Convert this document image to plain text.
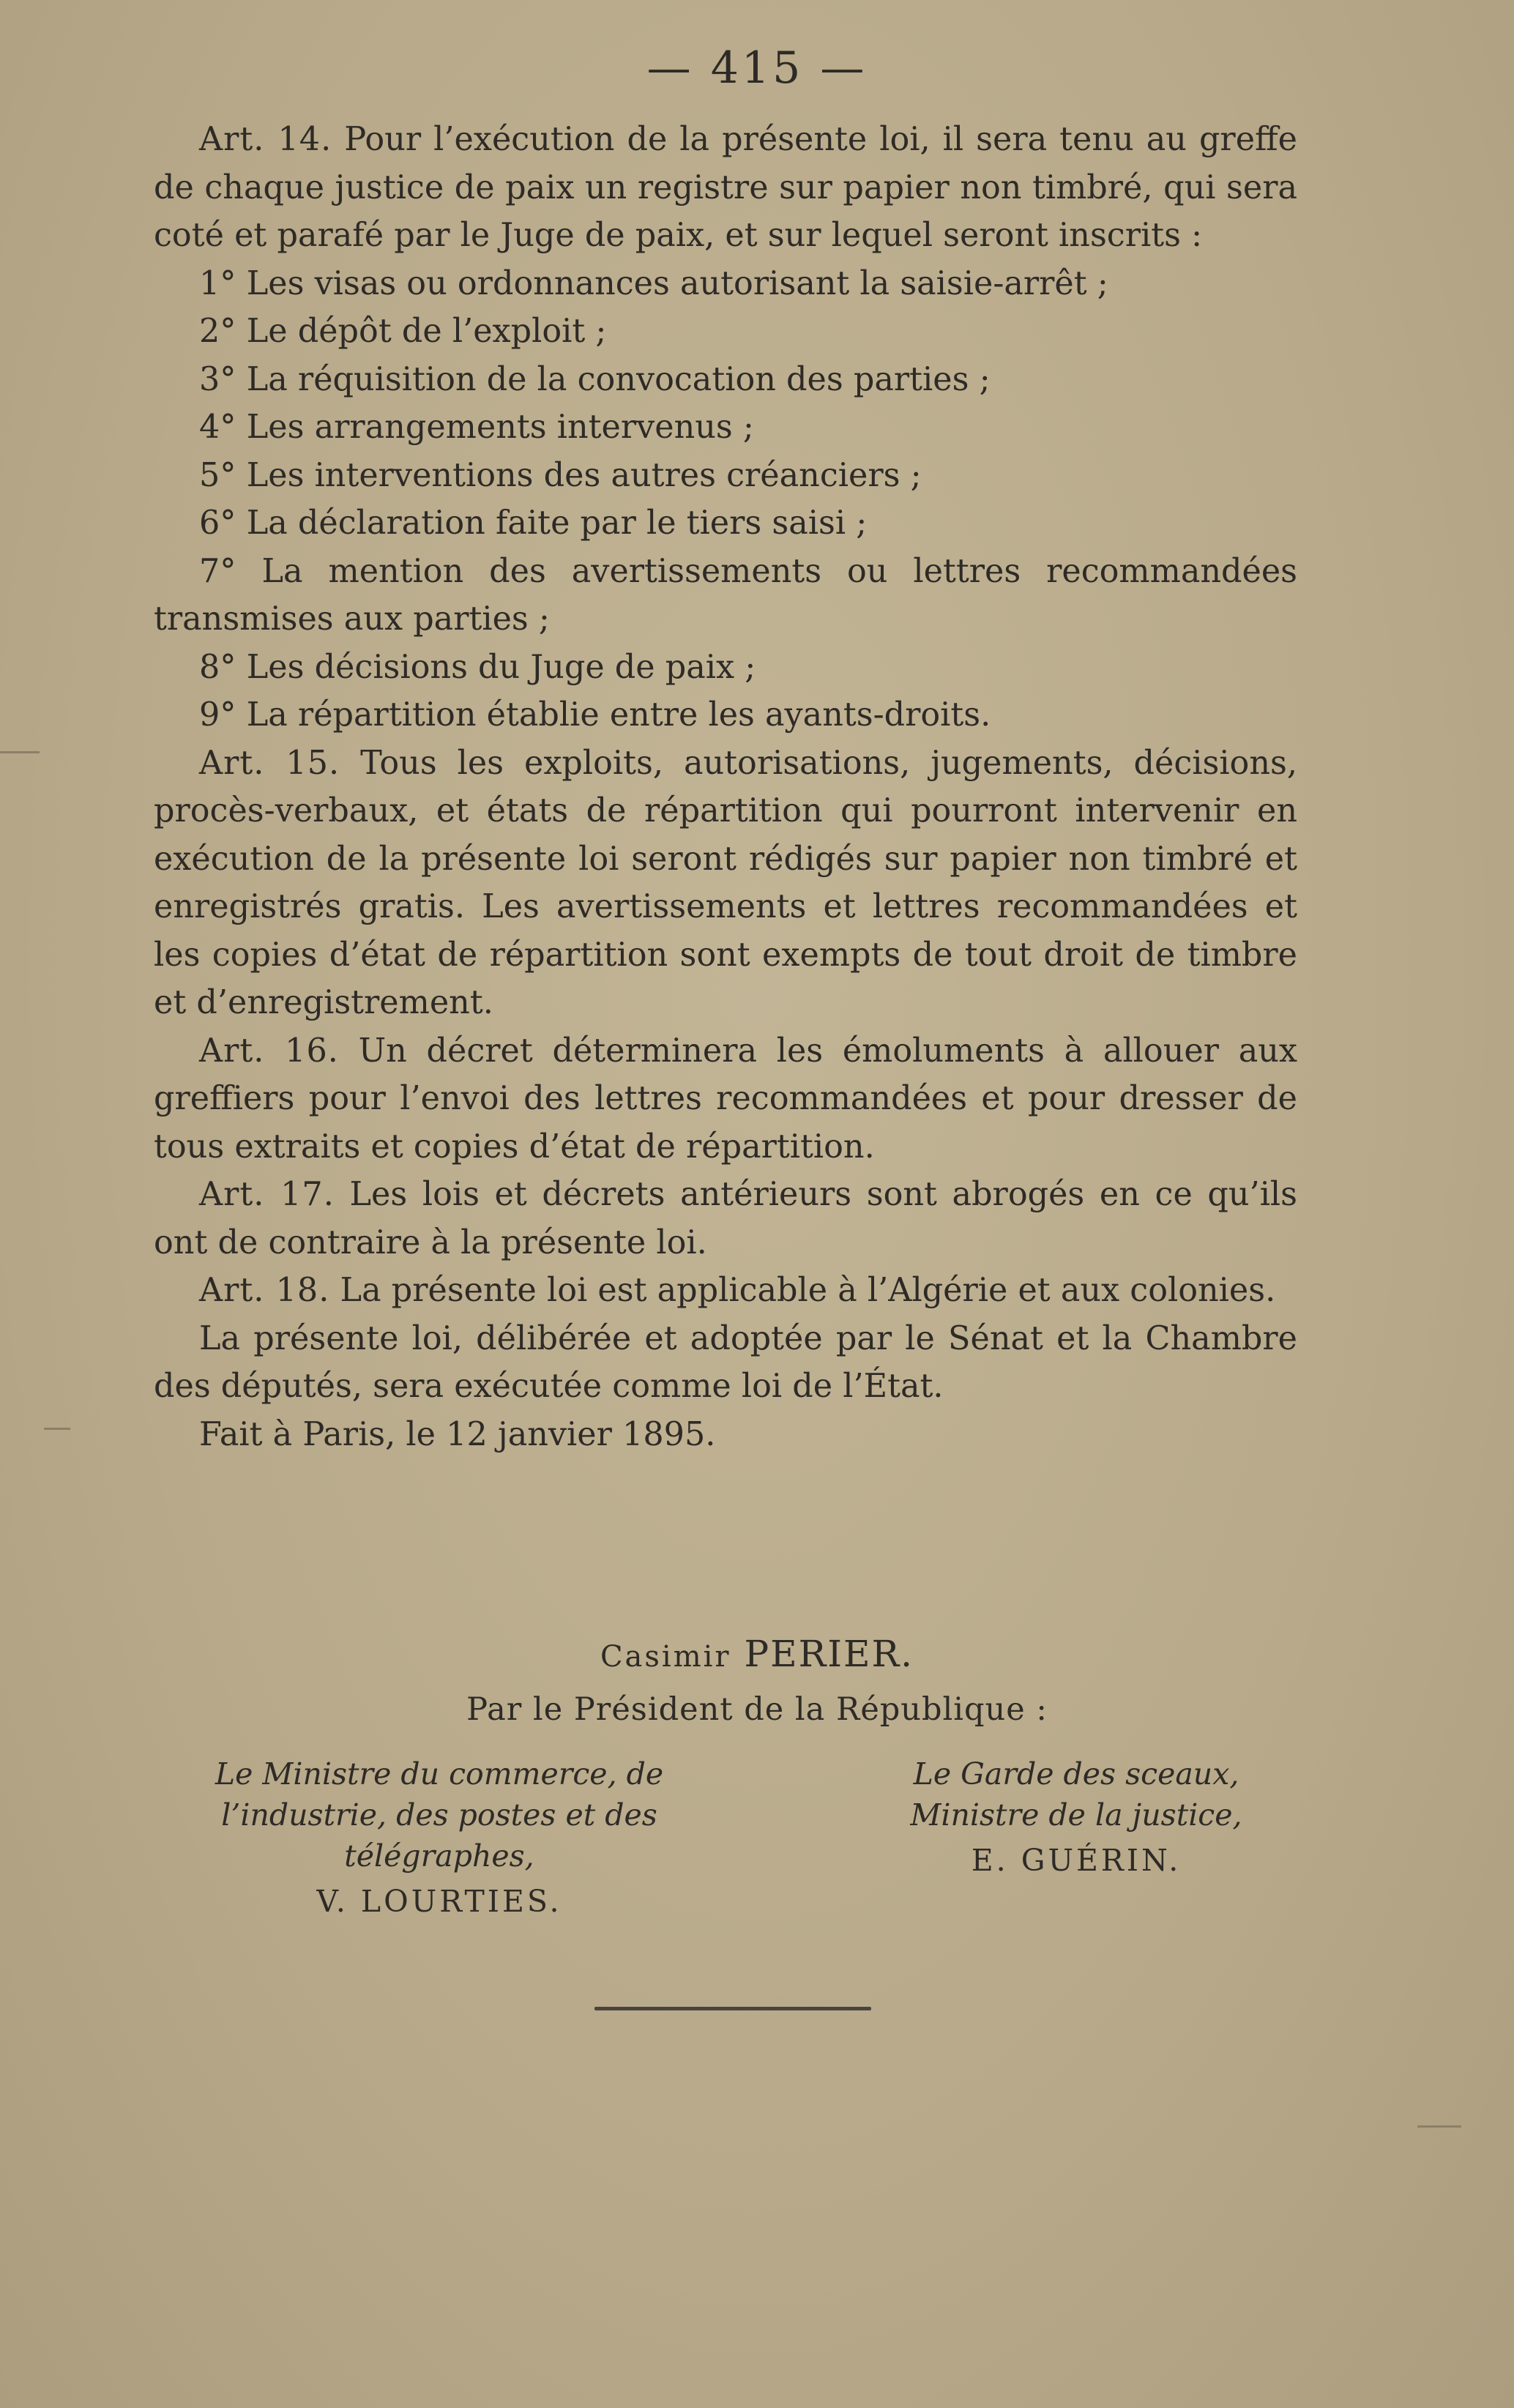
— 415 —

Art. 14. Pour l’exécution de la présente loi, il sera tenu au greffe de chaque justice de paix un registre sur papier non timbré, qui sera coté et parafé par le Juge de paix, et sur lequel seront inscrits :

1° Les visas ou ordonnances autorisant la saisie-arrêt ;

2° Le dépôt de l’exploit ;

3° La réquisition de la convocation des parties ;

4° Les arrangements intervenus ;

5° Les interventions des autres créanciers ;

6° La déclaration faite par le tiers saisi ;

7° La mention des avertissements ou lettres recommandées transmises aux parties ;

8° Les décisions du Juge de paix ;

9° La répartition établie entre les ayants-droits.

Art. 15. Tous les exploits, autorisations, jugements, décisions, procès-verbaux, et états de répartition qui pourront intervenir en exécution de la présente loi seront rédigés sur papier non timbré et enregistrés gratis. Les avertissements et lettres recommandées et les copies d’état de répartition sont exempts de tout droit de timbre et d’enregistrement.

Art. 16. Un décret déterminera les émoluments à allouer aux greffiers pour l’envoi des lettres recommandées et pour dresser de tous extraits et copies d’état de répartition.

Art. 17. Les lois et décrets antérieurs sont abrogés en ce qu’ils ont de contraire à la présente loi.

Art. 18. La présente loi est applicable à l’Algérie et aux colonies.

La présente loi, délibérée et adoptée par le Sénat et la Chambre des députés, sera exécutée comme loi de l’État.

Fait à Paris, le 12 janvier 1895.

Casimir PERIER.
Par le Président de la République :
Le Ministre du commerce, de l’industrie, des postes et des télégraphes,
V. LOURTIES.
Le Garde des sceaux, Ministre de la justice,
E. GUÉRIN.
